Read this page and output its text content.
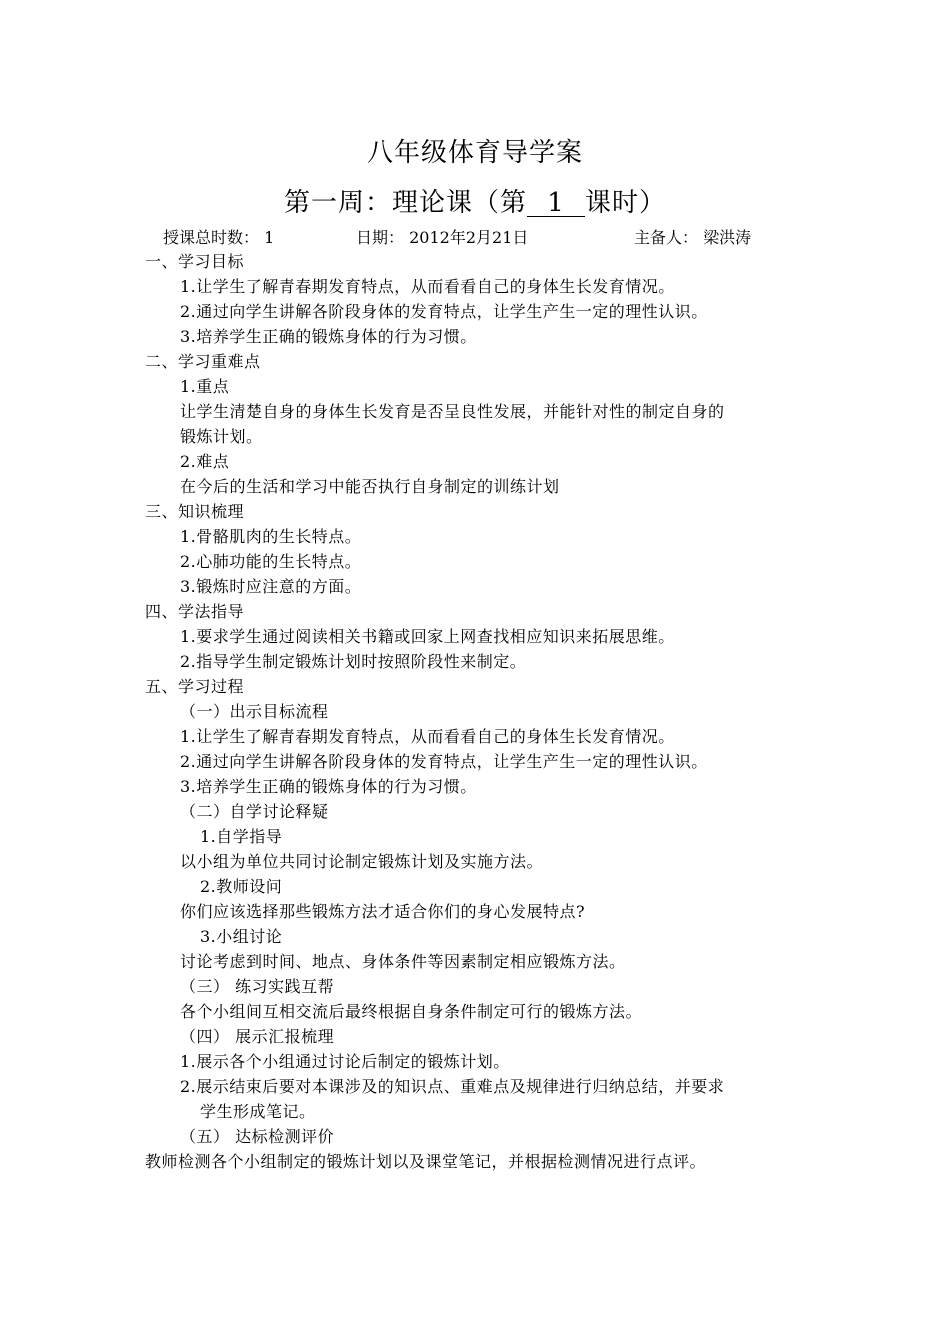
八年级体育导学案
第一周：理论课（第 1 课时）
授课总时数： 1	日期： 2012年2月21日	主备人： 梁洪涛
一、学习目标
1.让学生了解青春期发育特点，从而看看自己的身体生长发育情况。
2.通过向学生讲解各阶段身体的发育特点，让学生产生一定的理性认识。
3.培养学生正确的锻炼身体的行为习惯。
二、学习重难点
1.重点
让学生清楚自身的身体生长发育是否呈良性发展，并能针对性的制定自身的
锻炼计划。
2.难点
在今后的生活和学习中能否执行自身制定的训练计划
三、知识梳理
1.骨骼肌肉的生长特点。
2.心肺功能的生长特点。
3.锻炼时应注意的方面。
四、学法指导
1.要求学生通过阅读相关书籍或回家上网查找相应知识来拓展思维。
2.指导学生制定锻炼计划时按照阶段性来制定。
五、学习过程
（一）出示目标流程
1.让学生了解青春期发育特点，从而看看自己的身体生长发育情况。
2.通过向学生讲解各阶段身体的发育特点，让学生产生一定的理性认识。
3.培养学生正确的锻炼身体的行为习惯。
（二）自学讨论释疑
1.自学指导
以小组为单位共同讨论制定锻炼计划及实施方法。
2.教师设问
你们应该选择那些锻炼方法才适合你们的身心发展特点?
3.小组讨论
讨论考虑到时间、地点、身体条件等因素制定相应锻炼方法。
（三） 练习实践互帮
各个小组间互相交流后最终根据自身条件制定可行的锻炼方法。
（四） 展示汇报梳理
1.展示各个小组通过讨论后制定的锻炼计划。
2.展示结束后要对本课涉及的知识点、重难点及规律进行归纳总结，并要求
学生形成笔记。
（五） 达标检测评价
教师检测各个小组制定的锻炼计划以及课堂笔记，并根据检测情况进行点评。
